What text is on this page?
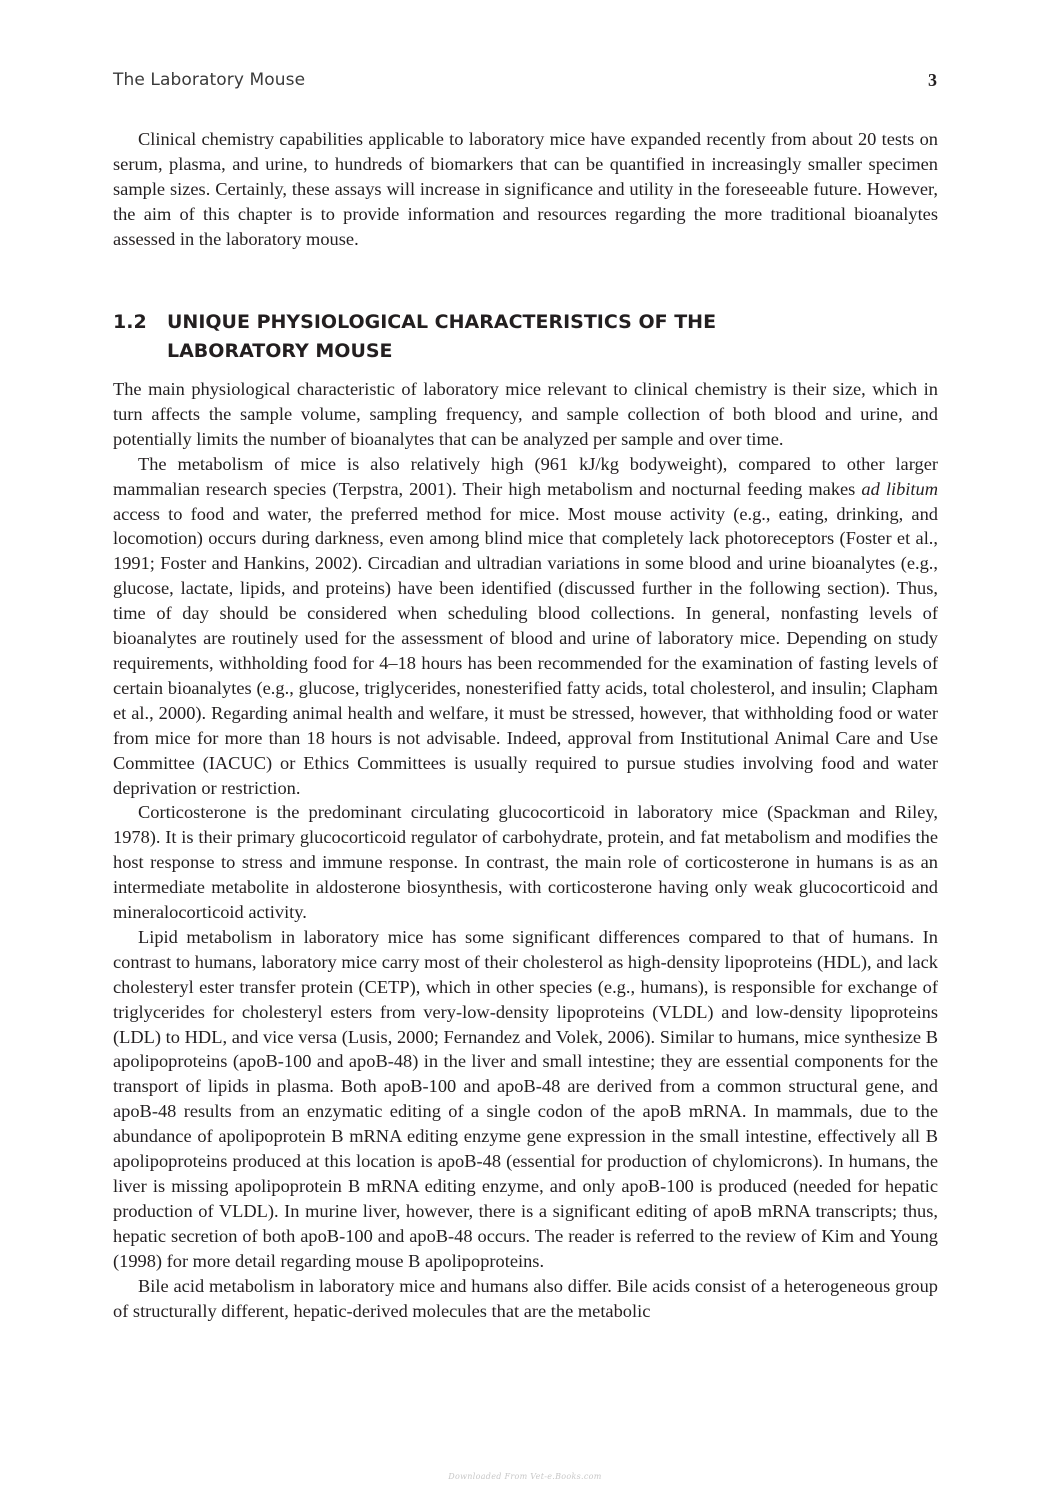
The Laboratory Mouse	3

Clinical chemistry capabilities applicable to laboratory mice have expanded recently from about 20 tests on serum, plasma, and urine, to hundreds of biomarkers that can be quantified in increasingly smaller specimen sample sizes. Certainly, these assays will increase in significance and utility in the foreseeable future. However, the aim of this chapter is to provide information and resources regarding the more traditional bioanalytes assessed in the laboratory mouse.

1.2 UNIQUE PHYSIOLOGICAL CHARACTERISTICS OF THE LABORATORY MOUSE

The main physiological characteristic of laboratory mice relevant to clinical chemistry is their size, which in turn affects the sample volume, sampling frequency, and sample collection of both blood and urine, and potentially limits the number of bioanalytes that can be analyzed per sample and over time.

The metabolism of mice is also relatively high (961 kJ/kg bodyweight), compared to other larger mammalian research species (Terpstra, 2001). Their high metabolism and nocturnal feeding makes ad libitum access to food and water, the preferred method for mice. Most mouse activity (e.g., eating, drinking, and locomotion) occurs during darkness, even among blind mice that completely lack photoreceptors (Foster et al., 1991; Foster and Hankins, 2002). Circadian and ultradian variations in some blood and urine bioanalytes (e.g., glucose, lactate, lipids, and proteins) have been identified (discussed further in the following section). Thus, time of day should be considered when scheduling blood collections. In general, nonfasting levels of bioanalytes are routinely used for the assessment of blood and urine of laboratory mice. Depending on study requirements, withholding food for 4–18 hours has been recommended for the examination of fasting levels of certain bioanalytes (e.g., glucose, triglycerides, nonesterified fatty acids, total cholesterol, and insulin; Clapham et al., 2000). Regarding animal health and welfare, it must be stressed, however, that withholding food or water from mice for more than 18 hours is not advisable. Indeed, approval from Institutional Animal Care and Use Committee (IACUC) or Ethics Committees is usually required to pursue studies involving food and water deprivation or restriction.

Corticosterone is the predominant circulating glucocorticoid in laboratory mice (Spackman and Riley, 1978). It is their primary glucocorticoid regulator of carbohydrate, protein, and fat metabolism and modifies the host response to stress and immune response. In contrast, the main role of corticosterone in humans is as an intermediate metabolite in aldosterone biosynthesis, with corticosterone having only weak glucocorticoid and mineralocorticoid activity.

Lipid metabolism in laboratory mice has some significant differences compared to that of humans. In contrast to humans, laboratory mice carry most of their cholesterol as high-density lipoproteins (HDL), and lack cholesteryl ester transfer protein (CETP), which in other species (e.g., humans), is responsible for exchange of triglycerides for cholesteryl esters from very-low-density lipoproteins (VLDL) and low-density lipoproteins (LDL) to HDL, and vice versa (Lusis, 2000; Fernandez and Volek, 2006). Similar to humans, mice synthesize B apolipoproteins (apoB-100 and apoB-48) in the liver and small intestine; they are essential components for the transport of lipids in plasma. Both apoB-100 and apoB-48 are derived from a common structural gene, and apoB-48 results from an enzymatic editing of a single codon of the apoB mRNA. In mammals, due to the abundance of apolipoprotein B mRNA editing enzyme gene expression in the small intestine, effectively all B apolipoproteins produced at this location is apoB-48 (essential for production of chylomicrons). In humans, the liver is missing apolipoprotein B mRNA editing enzyme, and only apoB-100 is produced (needed for hepatic production of VLDL). In murine liver, however, there is a significant editing of apoB mRNA transcripts; thus, hepatic secretion of both apoB-100 and apoB-48 occurs. The reader is referred to the review of Kim and Young (1998) for more detail regarding mouse B apolipoproteins.

Bile acid metabolism in laboratory mice and humans also differ. Bile acids consist of a heterogeneous group of structurally different, hepatic-derived molecules that are the metabolic

Downloaded From Vet-e.Books.com
